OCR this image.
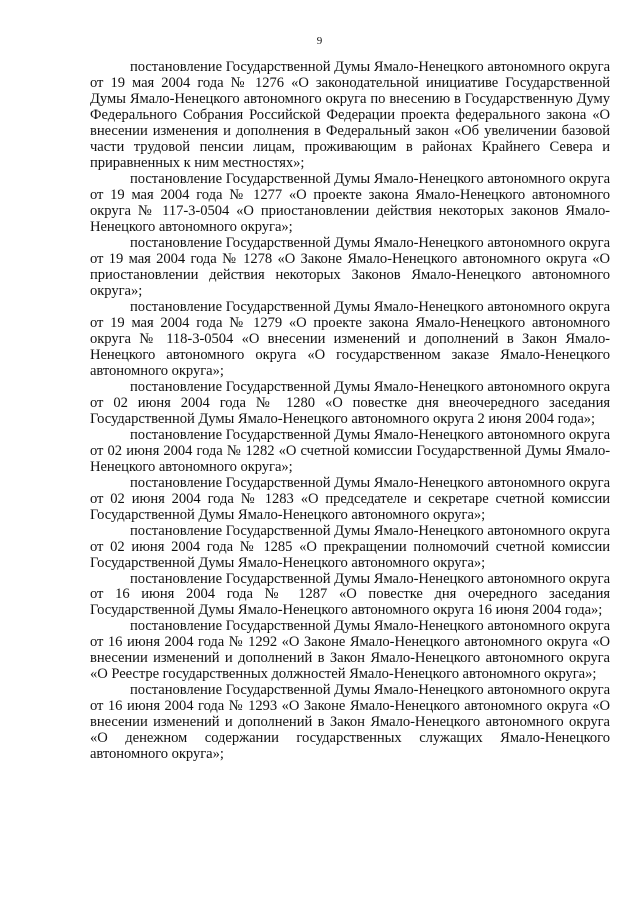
9

постановление Государственной Думы Ямало-Ненецкого автономного округа от 19 мая 2004 года № 1276 «О законодательной инициативе Государственной Думы Ямало-Ненецкого автономного округа по внесению в Государственную Думу Федерального Собрания Российской Федерации проекта федерального закона «О внесении изменения и дополнения в Федеральный закон «Об увеличении базовой части трудовой пенсии лицам, проживающим в районах Крайнего Севера и приравненных к ним местностях»;

постановление Государственной Думы Ямало-Ненецкого автономного округа от 19 мая 2004 года № 1277 «О проекте закона Ямало-Ненецкого автономного округа № 117-3-0504 «О приостановлении действия некоторых законов Ямало-Ненецкого автономного округа»;

постановление Государственной Думы Ямало-Ненецкого автономного округа от 19 мая 2004 года № 1278 «О Законе Ямало-Ненецкого автономного округа «О приостановлении действия некоторых Законов Ямало-Ненецкого автономного округа»;

постановление Государственной Думы Ямало-Ненецкого автономного округа от 19 мая 2004 года № 1279 «О проекте закона Ямало-Ненецкого автономного округа № 118-3-0504 «О внесении изменений и дополнений в Закон Ямало-Ненецкого автономного округа «О государственном заказе Ямало-Ненецкого автономного округа»;

постановление Государственной Думы Ямало-Ненецкого автономного округа от 02 июня 2004 года № 1280 «О повестке дня внеочередного заседания Государственной Думы Ямало-Ненецкого автономного округа 2 июня 2004 года»;

постановление Государственной Думы Ямало-Ненецкого автономного округа от 02 июня 2004 года № 1282 «О счетной комиссии Государственной Думы Ямало-Ненецкого автономного округа»;

постановление Государственной Думы Ямало-Ненецкого автономного округа от 02 июня 2004 года № 1283 «О председателе и секретаре счетной комиссии Государственной Думы Ямало-Ненецкого автономного округа»;

постановление Государственной Думы Ямало-Ненецкого автономного округа от 02 июня 2004 года № 1285 «О прекращении полномочий счетной комиссии Государственной Думы Ямало-Ненецкого автономного округа»;

постановление Государственной Думы Ямало-Ненецкого автономного округа от 16 июня 2004 года № 1287 «О повестке дня очередного заседания Государственной Думы Ямало-Ненецкого автономного округа 16 июня 2004 года»;

постановление Государственной Думы Ямало-Ненецкого автономного округа от 16 июня 2004 года № 1292 «О Законе Ямало-Ненецкого автономного округа «О внесении изменений и дополнений в Закон Ямало-Ненецкого автономного округа «О Реестре государственных должностей Ямало-Ненецкого автономного округа»;

постановление Государственной Думы Ямало-Ненецкого автономного округа от 16 июня 2004 года № 1293 «О Законе Ямало-Ненецкого автономного округа «О внесении изменений и дополнений в Закон Ямало-Ненецкого автономного округа «О денежном содержании государственных служащих Ямало-Ненецкого автономного округа»;
